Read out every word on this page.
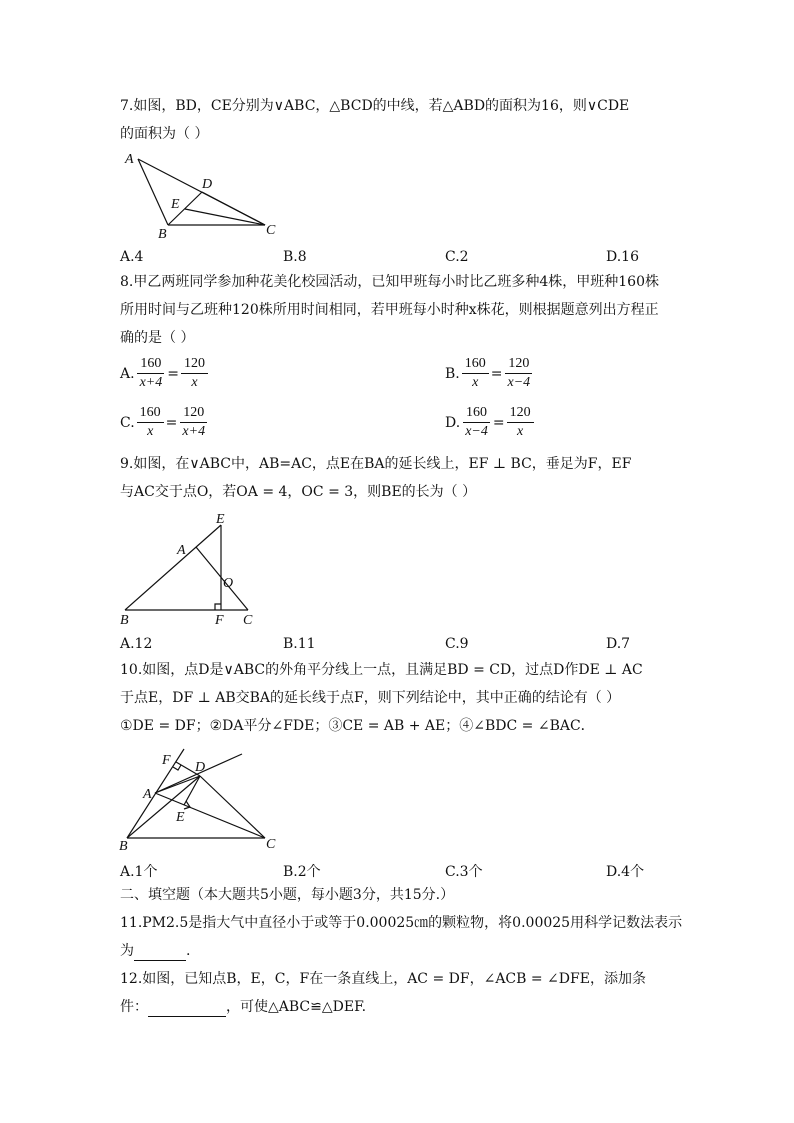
7.如图，BD，CE分别为∨ABC，△BCD的中线，若△ABD的面积为16，则∨CDE
的面积为（ ）
A
D
E
B	C
A.4	B.8	C.2	D.16
8.甲乙两班同学参加种花美化校园活动，已知甲班每小时比乙班多种4株，甲班种160株
所用时间与乙班种120株所用时间相同，若甲班每小时种x株花，则根据题意列出方程正
确的是（ ）
A. $\frac{160}{x+4} = \frac{120}{x}$	B. $\frac{160}{x} = \frac{120}{x-4}$
C. $\frac{160}{x} = \frac{120}{x+4}$	D. $\frac{160}{x-4} = \frac{120}{x}$
9.如图，在∨ABC中，AB=AC，点E在BA的延长线上，EF ⊥ BC，垂足为F，EF
与AC交于点O，若OA = 4，OC = 3，则BE的长为（ ）
E
A
O
B	F C
A.12	B.11	C.9	D.7
10.如图，点D是∨ABC的外角平分线上一点，且满足BD = CD，过点D作DE ⊥ AC
于点E，DF ⊥ AB交BA的延长线于点F，则下列结论中，其中正确的结论有（ ）
①DE = DF；②DA平分∠FDE；③CE = AB + AE；④∠BDC = ∠BAC．
F D
A
E
B	C
A.1个	B.2个	C.3个	D.4个
二、填空题（本大题共5小题，每小题3分，共15分.）
11.PM2.5是指大气中直径小于或等于0.00025㎝的颗粒物，将0.00025用科学记数法表示
为	.
12.如图，已知点B，E，C，F在一条直线上，AC = DF，∠ACB = ∠DFE，添加条
件：	，可使△ABC≌△DEF.
